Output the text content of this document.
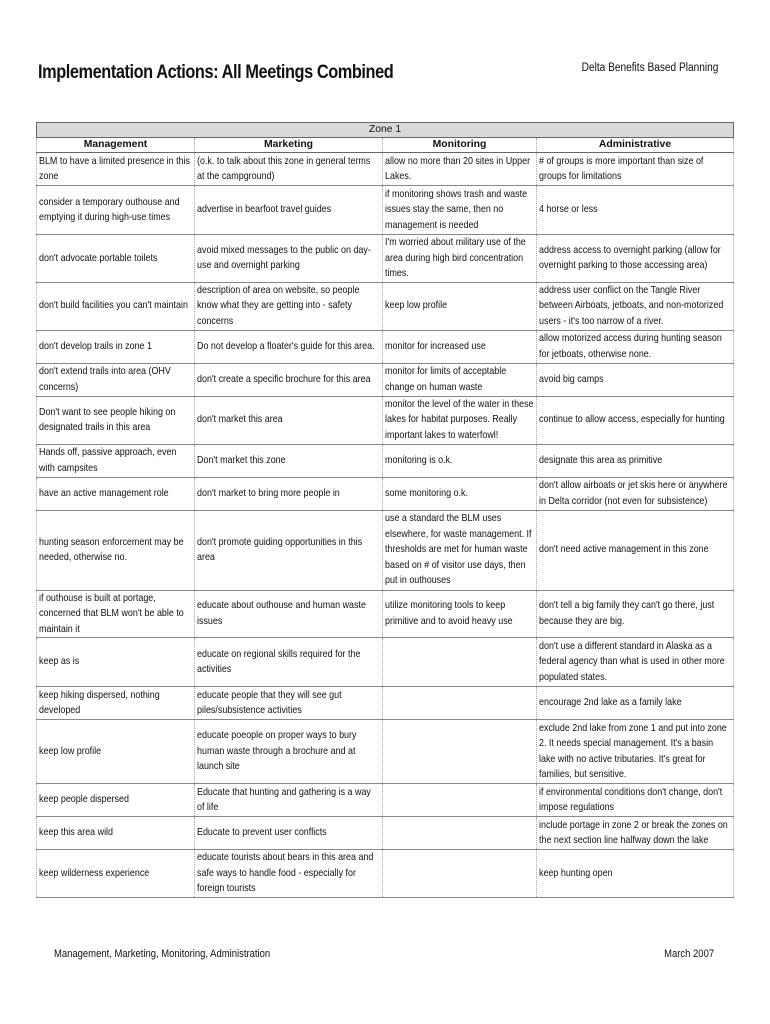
Implementation Actions: All Meetings Combined	Delta Benefits Based Planning
Zone 1			
Management	Marketing	Monitoring	Administrative

BLM to have a limited presence in this zone	(o.k. to talk about this zone in general terms at the campground)	allow no more than 20 sites in Upper Lakes.	# of groups is more important than size of groups for limitations

consider a temporary outhouse and emptying it during high-use times	advertise in bearfoot travel guides	if monitoring shows trash and waste issues stay the same, then no management is needed	4 horse or less

don't advocate portable toilets	avoid mixed messages to the public on day-use and overnight parking	I'm worried about military use of the area during high bird concentration times.	address access to overnight parking (allow for overnight parking to those accessing area)

don't build facilities you can't maintain	description of area on website, so people know what they are getting into - safety concerns	keep low profile	address user conflict on the Tangle River between Airboats, jetboats, and non-motorized users - it's too narrow of a river.

don't develop trails in zone 1	Do not develop a floater's guide for this area.	monitor for increased use	allow motorized access during hunting season for jetboats, otherwise none.

don't extend trails into area (OHV concerns)	don't create a specific brochure for this area	monitor for limits of acceptable change on human waste	avoid big camps

Don't want to see people hiking on designated trails in this area	don't market this area	monitor the level of the water in these lakes for habitat purposes. Really important lakes to waterfowl!	continue to allow access, especially for hunting

Hands off, passive approach, even with campsites	Don't market this zone	monitoring is o.k.	designate this area as primitive

have an active management role	don't market to bring more people in	some monitoring o.k.	don't allow airboats or jet skis here or anywhere in Delta corridor (not even for subsistence)

hunting season enforcement may be needed, otherwise no.	don't promote guiding opportunities in this area	use a standard the BLM uses elsewhere, for waste management. If thresholds are met for human waste based on # of visitor use days, then put in outhouses	don't need active management in this zone

if outhouse is built at portage, concerned that BLM won't be able to maintain it	educate about outhouse and human waste issues	utilize monitoring tools to keep primitive and to avoid heavy use	don't tell a big family they can't go there, just because they are big.

keep as is	educate on regional skills required for the activities		don't use a different standard in Alaska as a federal agency than what is used in other more populated states.

keep hiking dispersed, nothing developed	educate people that they will see gut piles/subsistence activities		encourage 2nd lake as a family lake

keep low profile	educate poeople on proper ways to bury human waste through a brochure and at launch site		exclude 2nd lake from zone 1 and put into zone 2. It needs special management. It's a basin lake with no active tributaries. It's great for families, but sensitive.

keep people dispersed	Educate that hunting and gathering is a way of life		if environmental conditions don't change, don't impose regulations

keep this area wild	Educate to prevent user conflicts		include portage in zone 2 or break the zones on the next section line halfway down the lake

keep wilderness experience	educate tourists about bears in this area and safe ways to handle food - especially for foreign tourists		keep hunting open
Management, Marketing, Monitoring, Administration	March 2007
